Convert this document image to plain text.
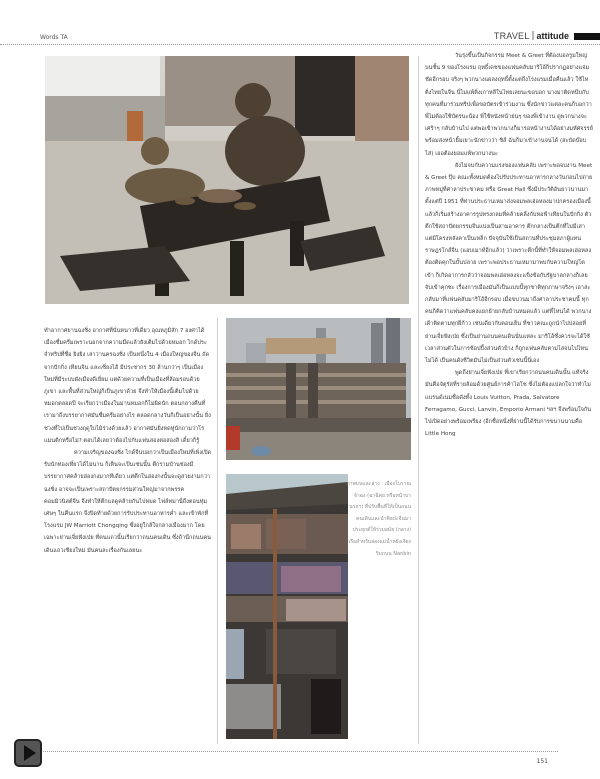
Words TA	TRAVEL | attitude

ทำอากาศยานฉงชิ่ง อากาศที่นั่นหนาวที่เดียว อุณหภูมิสัก 7 องศาได้ เมืองชื่มครึมเพราะนอกจากความมืดแล้วยังเต็มไปด้วยหมอก ไกด์ประจำทริปที่ชื่อ ยิงยิง เล่าว่านครฉงชิ่ง เป็นหนึ่งใน 4 เมืองใหญ่ของจีน ถัดจากปักกิ่ง เทียนจิน และเซี่ยงไฮ้ มีประชากร 30 ล้านกว่าๆ เป็นเมืองใหม่ที่มีระบบผังเมืองดีเยี่ยม แต่ด้วยความที่เป็นเมืองที่ล้อมรอบด้วยภูเขา และพื้นที่ส่วนใหญ่ก็เป็นภูเขาด้วย จึงทำให้เมืองนี้เต็มไปด้วยหมอกตลอดปี จะเรียกว่าเมืองในม่านหมอกก็ไม่ผิดนัก ตอนกลางคืนที่เรามาถึงบรรยากาศมันชื่มครึมอย่างไร ตลอดกลางวันก็เป็นอย่างนั้น ยิ่งช่วงที่ไปเป็นช่วงฤดูใบไม้ร่วงด้วยแล้ว อากาศมันยิ่งหดหู่นักถามว่าโรแมนติกหรือไม่? ตอบได้เลยว่าต้องไปกับแฟนสองต่อสองสิ เดี๋ยวก็รู้

ความเจริญของฉงชิ่ง ไกด์จีนบอกว่าเป็นเมืองใหม่ที่เพิ่งเปิดรับนักท่องเที่ยวได้ไม่นาน ก็เห็นจะเป็นเช่นนั้น ตึกรามบ้านช่องมีบรรยากาศคล้ายฮ่องกงมากทีเดียว แต่ตึกในฮ่องกงนั้นจะดูสวยงามกว่าฉงชิ่ง อาจจะเป็นเพราะสถาปัตยกรรมส่วนใหญ่มาจากพรรคคอมมิวนิสต์จีน จึงทำให้ตึกแลดูคล้ายกันไปหมด ไฟล์ทมานี่ถึงตอนทุ่มเศษๆ ในคืนแรก จึงปิดท้ายด้วยการรับประทานอาหารค่ำ และเข้าพักที่โรงแรม JW Marriott Chongqing ซึ่งอยู่ใกล้ใจกลางเมืองมาก โดยเฉพาะย่านเจี่ยฟังเป่ย ที่คนแถวนั้นเรียกว่าถนนคนเดิน ซึ่งถ้านึกถนนคนเดินแถวเชียงใหม่ มันคนละเรื่องกันเลยนะ

ภาพบนและล่าง : เมืองโบราณจ้าฉง (ฉาฉีคุ่ย หรือหน้าบานรถฯ) ที่ปรับพื้นที่ให้เป็นถนนคนเดินและนำศิลปะจีนมาประยุกต์ให้ร่วมสมัย (กลาง) เรือสำหรับล่องแม่น้ำหยังเจียง ริมถนน Nanbin

วันรุ่งขึ้นเป็นกิจกรรม Meet & Greet ที่ต้องบอลรูมใหญ่บนชั้น 9 ของโรงแรม ฤทธิ์เดชของแฟนคลับมาริโอ้ก็ปรากฏอย่างแจ่มชัดอีกรอบ จริงๆ พวกนางแผลงฤทธิ์ตั้งแต่ถึงโรงแรมเมื่อคืนแล้ว ใช้ไห ติ่งไทยในจีน นี่ไม่แพ้ติ่งเกาหลีในไทยเลยนะขอบอก นางมาติดหนึบกับทุกคนที่มาร่วมทริปเพื่อขอบัตรเข้าร่วมงาน ซึ่งนักข่าวแต่ละคนก็บอกว่า พี่ไม่ต้องใช้บัตรนะน้อง พี่ใช้หนังหน้าย่นๆ ของพี่เข้างาน ดูพวกนางจะเศร้าๆ กลับบ้านไป แต่พอเข้าพวกนางก็มารอหน้างานได้อย่างมหัศจรรย์ พร้อมส่งหน้ายิ้มเยาะนักข่าวว่า ชิส์ ฉันก็มาเข้างานจนได้ (สะบัดบ๊อบไส่) เออต้องยอมแพ้พวกนางนะ

ยังไม่จบกับความแรงของแฟนคลับ เพราะพอจบงาน Meet & Greet ปุ๊บ คณะทั้งหมดต้องไปรับประทานอาหารกลางวันก่อนไปถ่ายภาพหมู่ที่ศาลาประชาคม หรือ Great Hall ซึ่งมีประวัติอันยาวนานมาตั้งแต่ปี 1951 ที่ท่านประธานเหมาส่งจอมพลเฮ่อหลงมาปกครองเมืองนี้ แล้วก็เริ่มสร้างอาคารรูปทรงกลมที่คล้ายคลึงกับหอฟ้าเทียนในปักกิ่ง ตัวตึกใช้สถาปัตยกรรมจีนแบ่งเป็นสามอาคาร ตึกกลางเป็นตึกที่ไม่มีเสา แต่มีโครงหลังคาเป็นเหล็ก ปัจจุบันใช้เป็นสถานที่ประชุมสภาผู้แทนราษฎรโกส์จีน (แอบเมาท์อีกแล้ว) ว่าเพราะตึกนี้ที่ทำให้จอมพลเฮ่อหลงต้องติดคุกในบั้นปลาย เพราะพอประธานเหมามาพบกับความใหญ่โตเข้า ก็เกิดอาการกลัวว่าจอมพลเฮ่อหลงจะแข็งข้อกับรัฐบาลกลางก็เลยจับเข้าคุกซะ เรื่องการเมืองมันก็เป็นแบบนี้ทุกชาติทุกภาษาจริงๆ เอาล่ะ กลับมาที่แฟนคลับมาริโอ้อีกรอบ เมื่อขบวนมาถึงศาลาประชาคมนี้ ทุกคนก็คิดว่าแฟนคลับคงแยกย้ายกลับบ้านหมดแล้ว แต่ที่ไหนได้ พวกนางเฝ้าติดตามทุกฝีก้าว เช่นเดียวกับตอนเย็น ที่ชาวคณะถูกนำไปปล่อยที่ย่านเจี่ยฟังเป่ย ซึ่งเป็นย่านถนนคนเดินนั่นแหละ มาริโอ้ซึ่งควรจะได้ใช้เวลาส่วนตัวในการช้อปปิ้งส่วนตัวบ้าง ก็ถูกแฟนคลับตามไล่จนไปไหนไม่ได้ เป็นคนดังชีวิตมันไม่เป็นส่วนตัวเช่นนี้นี่เอง

พูดถึงย่านเจี่ยฟังเป่ย ที่เขาเรียกว่าถนนคนเดินนั้น แท้จริงมันคือจัตุรัสที่รายล้อมด้วยศูนย์การค้าไฮโซ ซึ่งไม่ต้องแปลกใจว่าทำไมแบรนด์เนมชื่อดังทั้ง Louis Vuitton, Prada, Salvatore Ferragamo, Gucci, Lanvin, Emporio Armani ฯลฯ จึงพร้อมใจกันไปเปิดอย่างพร้อมเพรียง (อีกชื่อหนึ่งที่ย่านนี้ได้รับการขนานนามคือ Little Hong

151
